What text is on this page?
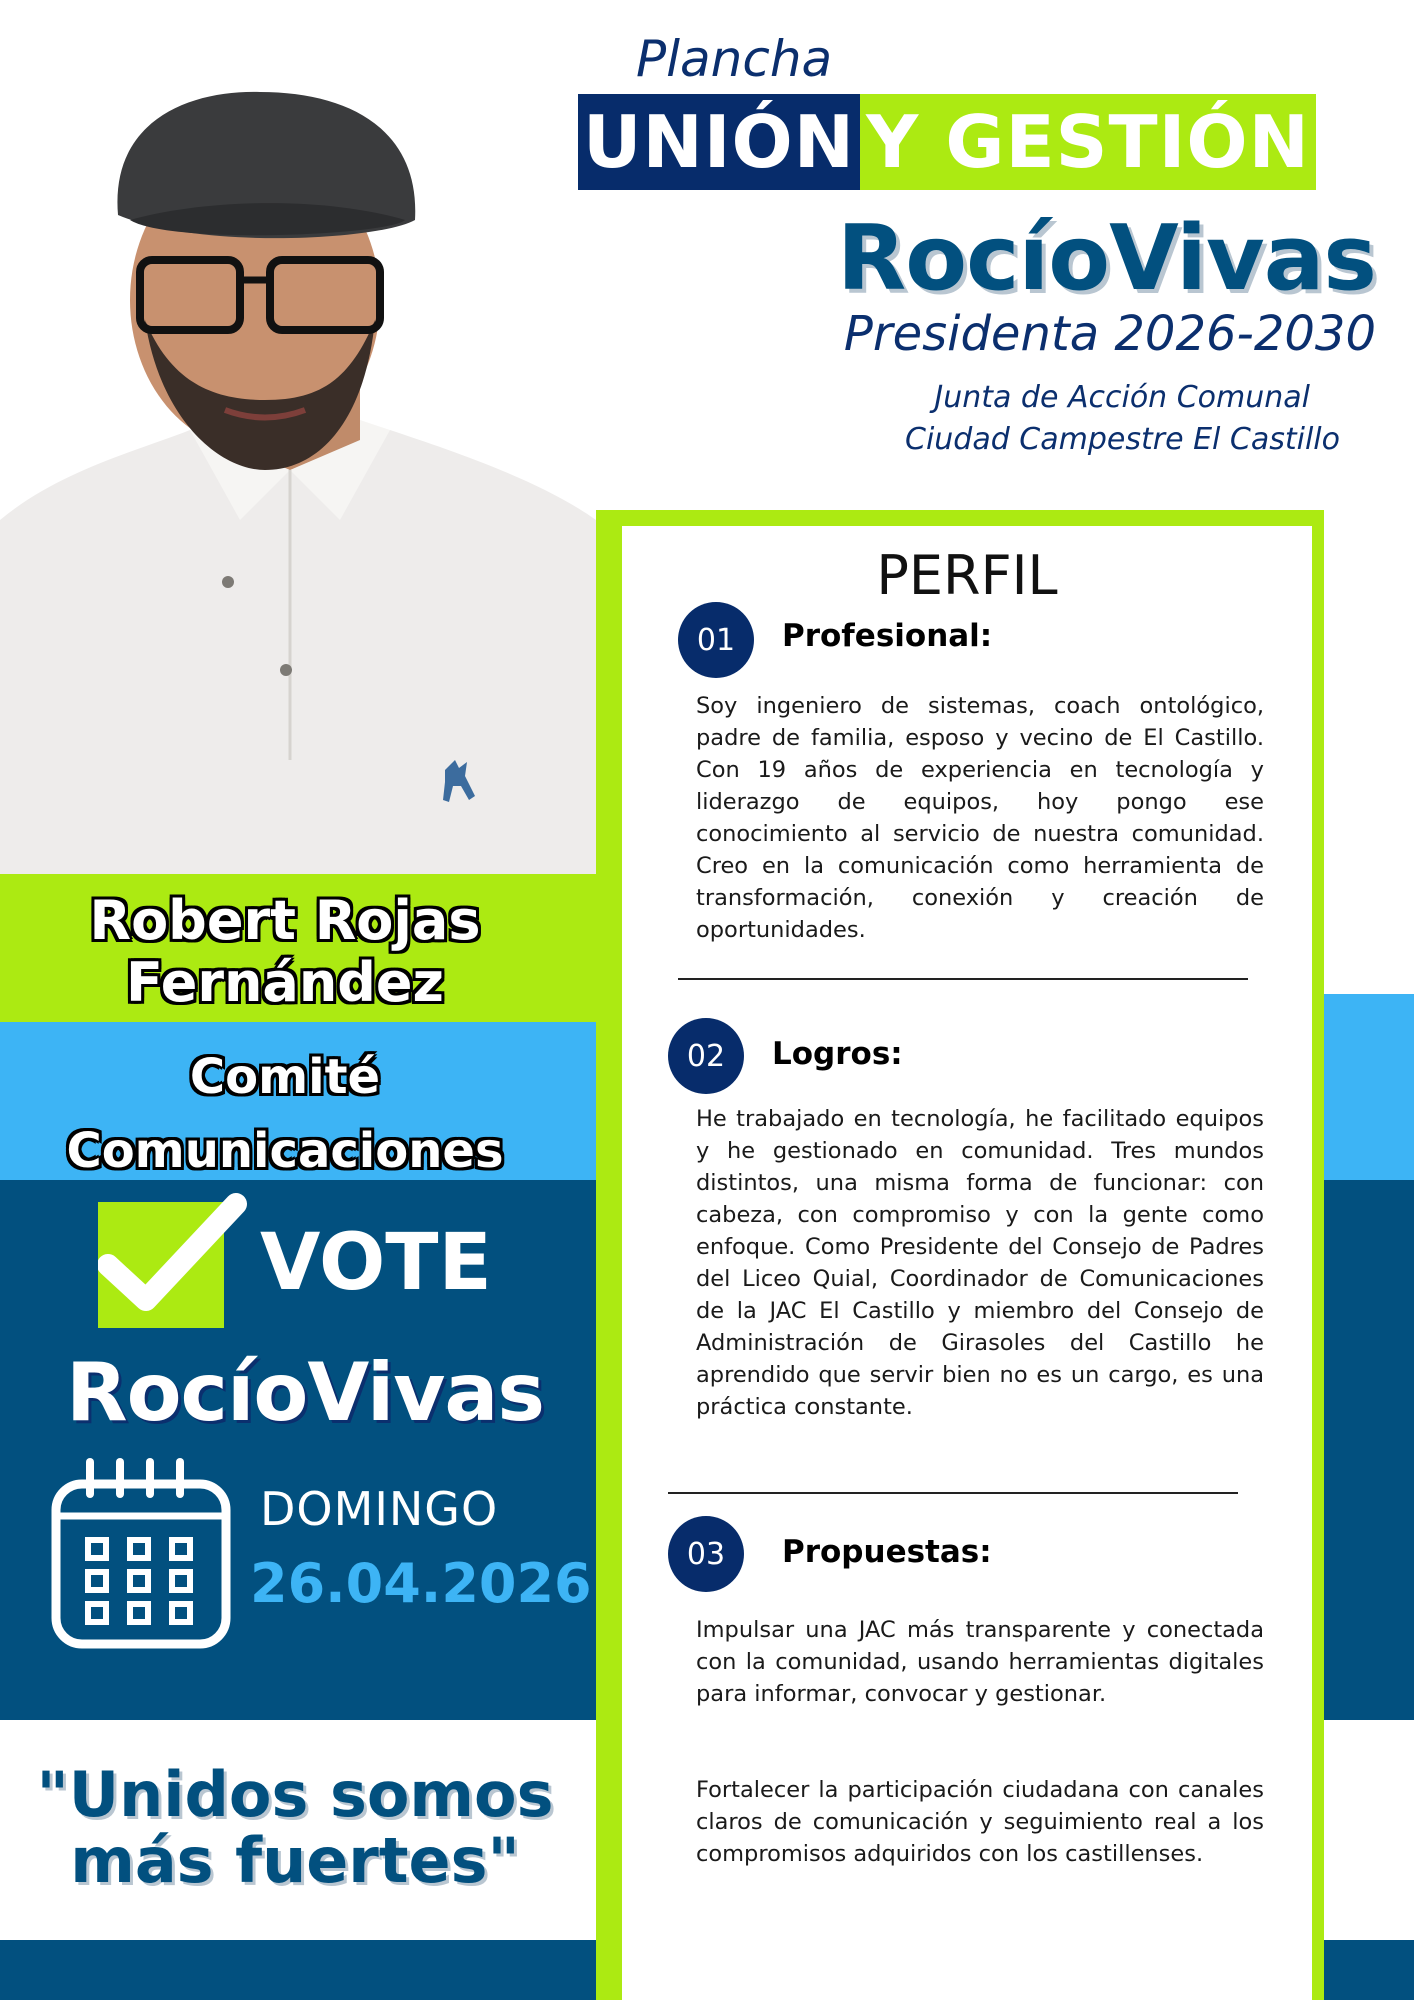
Plancha
UNIÓN Y GESTIÓN
RocíoVivas
Presidenta 2026-2030
Junta de Acción Comunal
Ciudad Campestre El Castillo
Robert Rojas
Fernández
Comité
Comunicaciones
VOTE
RocíoVivas
DOMINGO
26.04.2026
"Unidos somos
más fuertes"
PERFIL
01	Profesional:
Soy ingeniero de sistemas, coach ontológico, padre de familia, esposo y vecino de El Castillo. Con 19 años de experiencia en tecnología y liderazgo de equipos, hoy pongo ese conocimiento al servicio de nuestra comunidad. Creo en la comunicación como herramienta de transformación, conexión y creación de oportunidades.
02	Logros:
He trabajado en tecnología, he facilitado equipos y he gestionado en comunidad. Tres mundos distintos, una misma forma de funcionar: con cabeza, con compromiso y con la gente como enfoque. Como Presidente del Consejo de Padres del Liceo Quial, Coordinador de Comunicaciones de la JAC El Castillo y miembro del Consejo de Administración de Girasoles del Castillo he aprendido que servir bien no es un cargo, es una práctica constante.
03	Propuestas:
Impulsar una JAC más transparente y conectada con la comunidad, usando herramientas digitales para informar, convocar y gestionar.
Fortalecer la participación ciudadana con canales claros de comunicación y seguimiento real a los compromisos adquiridos con los castillenses.
